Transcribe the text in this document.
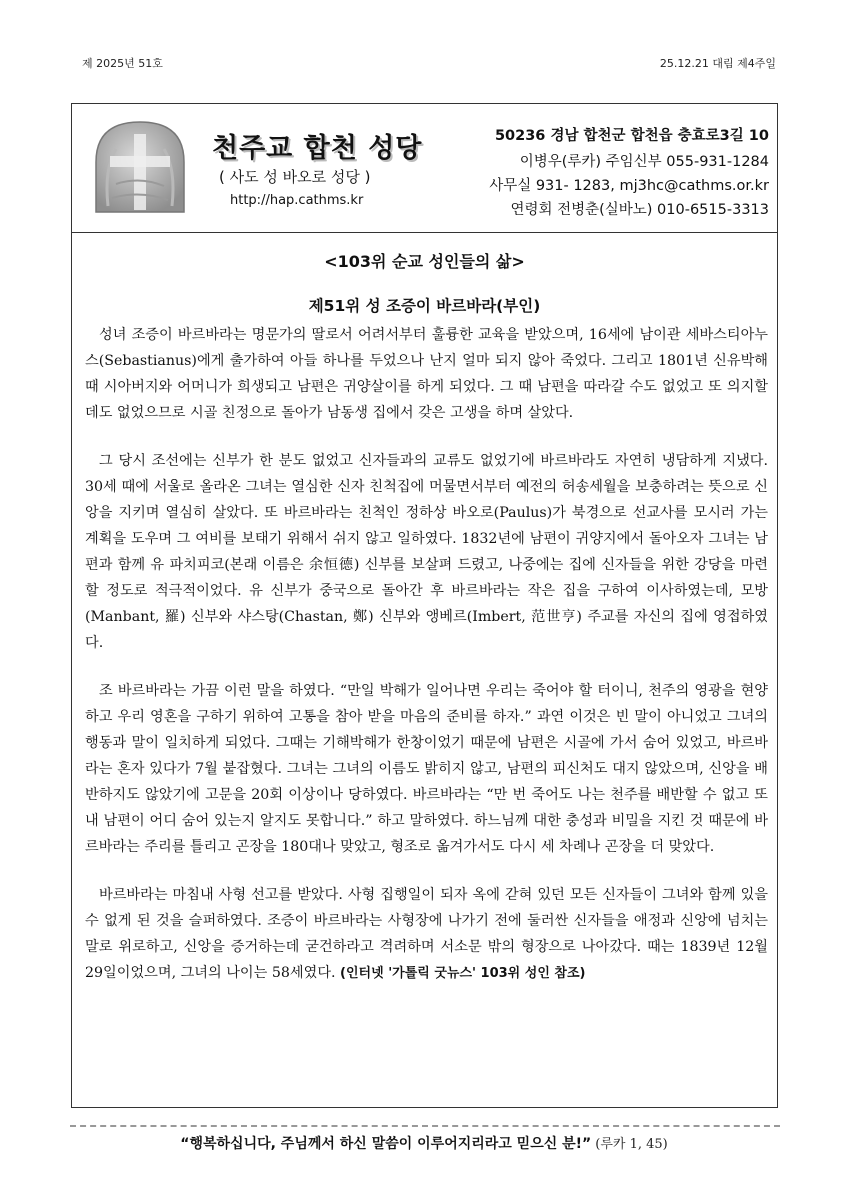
제 2025년 51호	25.12.21 대림 제4주일
천주교 합천 성당
( 사도 성 바오로 성당 )
http://hap.cathms.kr
50236 경남 합천군 합천읍 충효로3길 10
이병우(루카) 주임신부 055-931-1284
사무실 931- 1283, mj3hc@cathms.or.kr
연령회 전병춘(실바노) 010-6515-3313
<103위 순교 성인들의 삶>
제51위 성 조증이 바르바라(부인)

성녀 조증이 바르바라는 명문가의 딸로서 어려서부터 훌륭한 교육을 받았으며, 16세에 남이관 세바스티아누스(Sebastianus)에게 출가하여 아들 하나를 두었으나 난지 얼마 되지 않아 죽었다. 그리고 1801년 신유박해 때 시아버지와 어머니가 희생되고 남편은 귀양살이를 하게 되었다. 그 때 남편을 따라갈 수도 없었고 또 의지할 데도 없었으므로 시골 친정으로 돌아가 남동생 집에서 갖은 고생을 하며 살았다.

그 당시 조선에는 신부가 한 분도 없었고 신자들과의 교류도 없었기에 바르바라도 자연히 냉담하게 지냈다. 30세 때에 서울로 올라온 그녀는 열심한 신자 친척집에 머물면서부터 예전의 허송세월을 보충하려는 뜻으로 신앙을 지키며 열심히 살았다. 또 바르바라는 친척인 정하상 바오로(Paulus)가 북경으로 선교사를 모시러 가는 계획을 도우며 그 여비를 보태기 위해서 쉬지 않고 일하였다. 1832년에 남편이 귀양지에서 돌아오자 그녀는 남편과 함께 유 파치피코(본래 이름은 余恒德) 신부를 보살펴 드렸고, 나중에는 집에 신자들을 위한 강당을 마련할 정도로 적극적이었다. 유 신부가 중국으로 돌아간 후 바르바라는 작은 집을 구하여 이사하였는데, 모방(Manbant, 羅) 신부와 샤스탕(Chastan, 鄭) 신부와 앵베르(Imbert, 范世亨) 주교를 자신의 집에 영접하였다.

조 바르바라는 가끔 이런 말을 하였다. “만일 박해가 일어나면 우리는 죽어야 할 터이니, 천주의 영광을 현양하고 우리 영혼을 구하기 위하여 고통을 참아 받을 마음의 준비를 하자.” 과연 이것은 빈 말이 아니었고 그녀의 행동과 말이 일치하게 되었다. 그때는 기해박해가 한창이었기 때문에 남편은 시골에 가서 숨어 있었고, 바르바라는 혼자 있다가 7월 붙잡혔다. 그녀는 그녀의 이름도 밝히지 않고, 남편의 피신처도 대지 않았으며, 신앙을 배반하지도 않았기에 고문을 20회 이상이나 당하였다. 바르바라는 “만 번 죽어도 나는 천주를 배반할 수 없고 또 내 남편이 어디 숨어 있는지 알지도 못합니다.” 하고 말하였다. 하느님께 대한 충성과 비밀을 지킨 것 때문에 바르바라는 주리를 틀리고 곤장을 180대나 맞았고, 형조로 옮겨가서도 다시 세 차례나 곤장을 더 맞았다.

바르바라는 마침내 사형 선고를 받았다. 사형 집행일이 되자 옥에 갇혀 있던 모든 신자들이 그녀와 함께 있을 수 없게 된 것을 슬퍼하였다. 조증이 바르바라는 사형장에 나가기 전에 둘러싼 신자들을 애정과 신앙에 넘치는 말로 위로하고, 신앙을 증거하는데 굳건하라고 격려하며 서소문 밖의 형장으로 나아갔다. 때는 1839년 12월 29일이었으며, 그녀의 나이는 58세였다. (인터넷 '가톨릭 굿뉴스' 103위 성인 참조)

“행복하십니다, 주님께서 하신 말씀이 이루어지리라고 믿으신 분!” (루카 1, 45)
